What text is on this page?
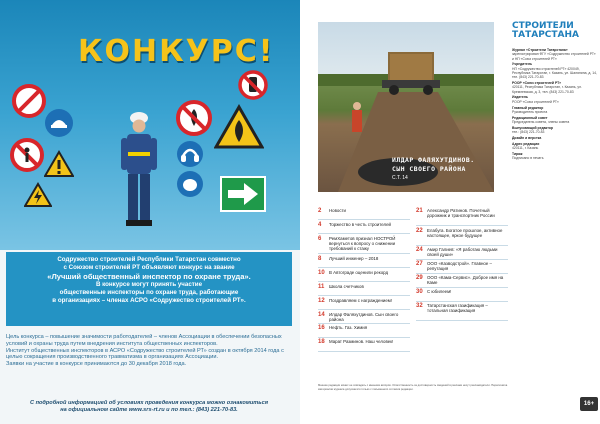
КОНКУРС!

Содружество строителей Республики Татарстан совместно

с Союзом строителей РТ объявляют конкурс на звание

«Лучший общественный инспектор по охране труда».

В конкурсе могут принять участие

общественные инспекторы по охране труда, работающие

в организациях – членах АСРО «Содружество строителей РТ».

Цель конкурса – повышение значимости работодателей – членов Ассоциации в обеспечении безопасных условий и охраны труда путем внедрения института общественных инспекторов.

Институт общественных инспекторов в АСРО «Содружество строителей РТ» создан в октября 2014 года с целью сокращения производственного травматизма в организациях Ассоциации.

Заявки на участие в конкурсе принимаются до 30 декабря 2018 года.

С подробной информацией об условиях проведения конкурса можно ознакомиться

на официальном сайте www.srs-rt.ru и по тел.: (843) 221-70-83.

ИЛДАР ФАЛЯХУТДИНОВ.
СЫН СВОЕГО РАЙОНА
С.Т. 14
СТРОИТЕЛИ
ТАТАРСТАНА

Журнал «Строители Татарстана»
зарегистрирован ФГУ «Содружество строителей РТ» и НП «Союз строителей РТ»

Учредитель
НП «Содружество строителей РТ» 420049, Республика Татарстан, г. Казань, ул. Шаляпина, д. 14, тел. (843) 221-70-83

РООР «Союз строителей РТ»
420111, Республика Татарстан, г. Казань, ул. Кремлевская, д. 3, тел. (843) 221-70-83

Издатель
РООР «Союз строителей РТ»

Главный редактор
Руководитель проекта

Редакционный совет
Председатель совета, члены совета

Выпускающий редактор
тел.: (843) 221-70-83

Дизайн и верстка

Адрес редакции
420111, г. Казань

Тираж
Подписано в печать

2	Новости
4	Торжество в честь строителей
6	РемХаметов признал НОСТРОЙ вернуться к вопросу о снижении требований к стажу
8	Лучший инженер – 2018
10 В Автограде оценили рекорд
11	Школа счетчиков
12 Поздравляем с награждением!
14 Илдар Фаляхутдинов. Сын своего района
16 Нефть. Газ. Химия
18 Марат Разминов. Наш человек!
21 Александр Ратинов. Почетный дорожник и транспортник России
22 Елабуга. Богатое прошлое, активное настоящее, яркое будущее
24 Амир Галиев: «Я работаю людьми своей души»
27 ООО «Казводстрой». Главное – репутация
29 ООО «Кама-Сервис». Доброе имя на Каме
30 С юбилеем!
32 Татарстанская газификация – тотальная газификация
Мнение редакции может не совпадать с мнением авторов. Ответственность за достоверность сведений в рекламе несут рекламодатели. Перепечатка материалов журнала допускается только с письменного согласия редакции.
16+
